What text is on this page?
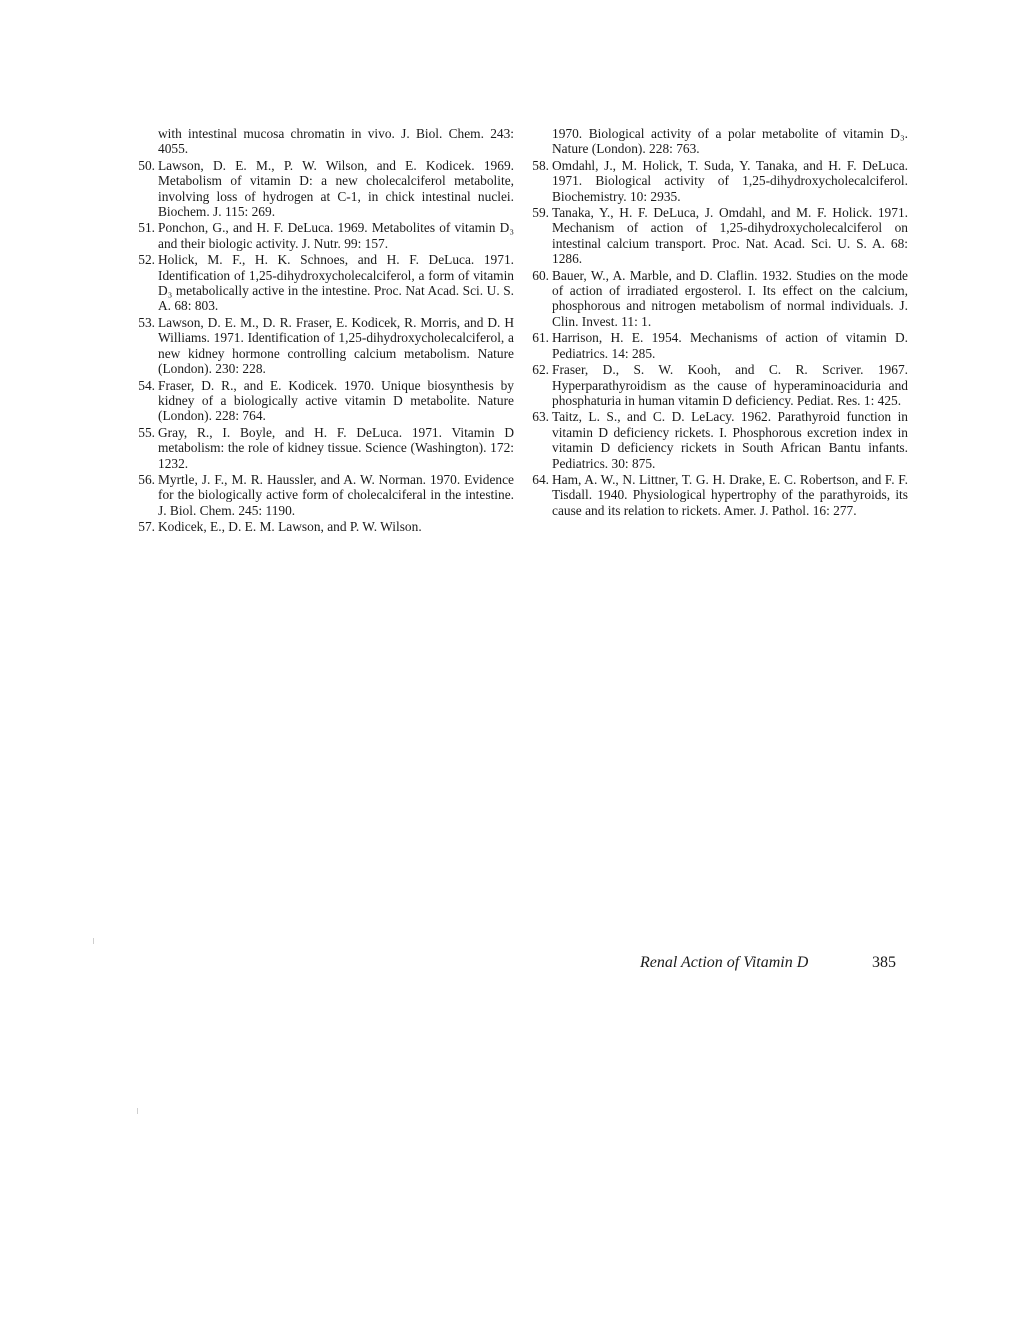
with intestinal mucosa chromatin in vivo. J. Biol. Chem. 243: 4055.

50. Lawson, D. E. M., P. W. Wilson, and E. Kodicek. 1969. Metabolism of vitamin D: a new cholecalciferol metabolite, involving loss of hydrogen at C-1, in chick intestinal nuclei. Biochem. J. 115: 269.

51. Ponchon, G., and H. F. DeLuca. 1969. Metabolites of vitamin D₃ and their biologic activity. J. Nutr. 99: 157.

52. Holick, M. F., H. K. Schnoes, and H. F. DeLuca. 1971. Identification of 1,25-dihydroxycholecalciferol, a form of vitamin D₃ metabolically active in the intestine. Proc. Nat Acad. Sci. U. S. A. 68: 803.

53. Lawson, D. E. M., D. R. Fraser, E. Kodicek, R. Morris, and D. H Williams. 1971. Identification of 1,25-dihydroxycholecalciferol, a new kidney hormone controlling calcium metabolism. Nature (London). 230: 228.

54. Fraser, D. R., and E. Kodicek. 1970. Unique biosynthesis by kidney of a biologically active vitamin D metabolite. Nature (London). 228: 764.

55. Gray, R., I. Boyle, and H. F. DeLuca. 1971. Vitamin D metabolism: the role of kidney tissue. Science (Washington). 172: 1232.

56. Myrtle, J. F., M. R. Haussler, and A. W. Norman. 1970. Evidence for the biologically active form of cholecalciferal in the intestine. J. Biol. Chem. 245: 1190.

57. Kodicek, E., D. E. M. Lawson, and P. W. Wilson.

1970. Biological activity of a polar metabolite of vitamin D₃. Nature (London). 228: 763.

58. Omdahl, J., M. Holick, T. Suda, Y. Tanaka, and H. F. DeLuca. 1971. Biological activity of 1,25-dihydroxycholecalciferol. Biochemistry. 10: 2935.

59. Tanaka, Y., H. F. DeLuca, J. Omdahl, and M. F. Holick. 1971. Mechanism of action of 1,25-dihydroxycholecalciferol on intestinal calcium transport. Proc. Nat. Acad. Sci. U. S. A. 68: 1286.

60. Bauer, W., A. Marble, and D. Claflin. 1932. Studies on the mode of action of irradiated ergosterol. I. Its effect on the calcium, phosphorous and nitrogen metabolism of normal individuals. J. Clin. Invest. 11: 1.

61. Harrison, H. E. 1954. Mechanisms of action of vitamin D. Pediatrics. 14: 285.

62. Fraser, D., S. W. Kooh, and C. R. Scriver. 1967. Hyperparathyroidism as the cause of hyperaminoaciduria and phosphaturia in human vitamin D deficiency. Pediat. Res. 1: 425.

63. Taitz, L. S., and C. D. LeLacy. 1962. Parathyroid function in vitamin D deficiency rickets. I. Phosphorous excretion index in vitamin D deficiency rickets in South African Bantu infants. Pediatrics. 30: 875.

64. Ham, A. W., N. Littner, T. G. H. Drake, E. C. Robertson, and F. F. Tisdall. 1940. Physiological hypertrophy of the parathyroids, its cause and its relation to rickets. Amer. J. Pathol. 16: 277.

Renal Action of Vitamin D	385
